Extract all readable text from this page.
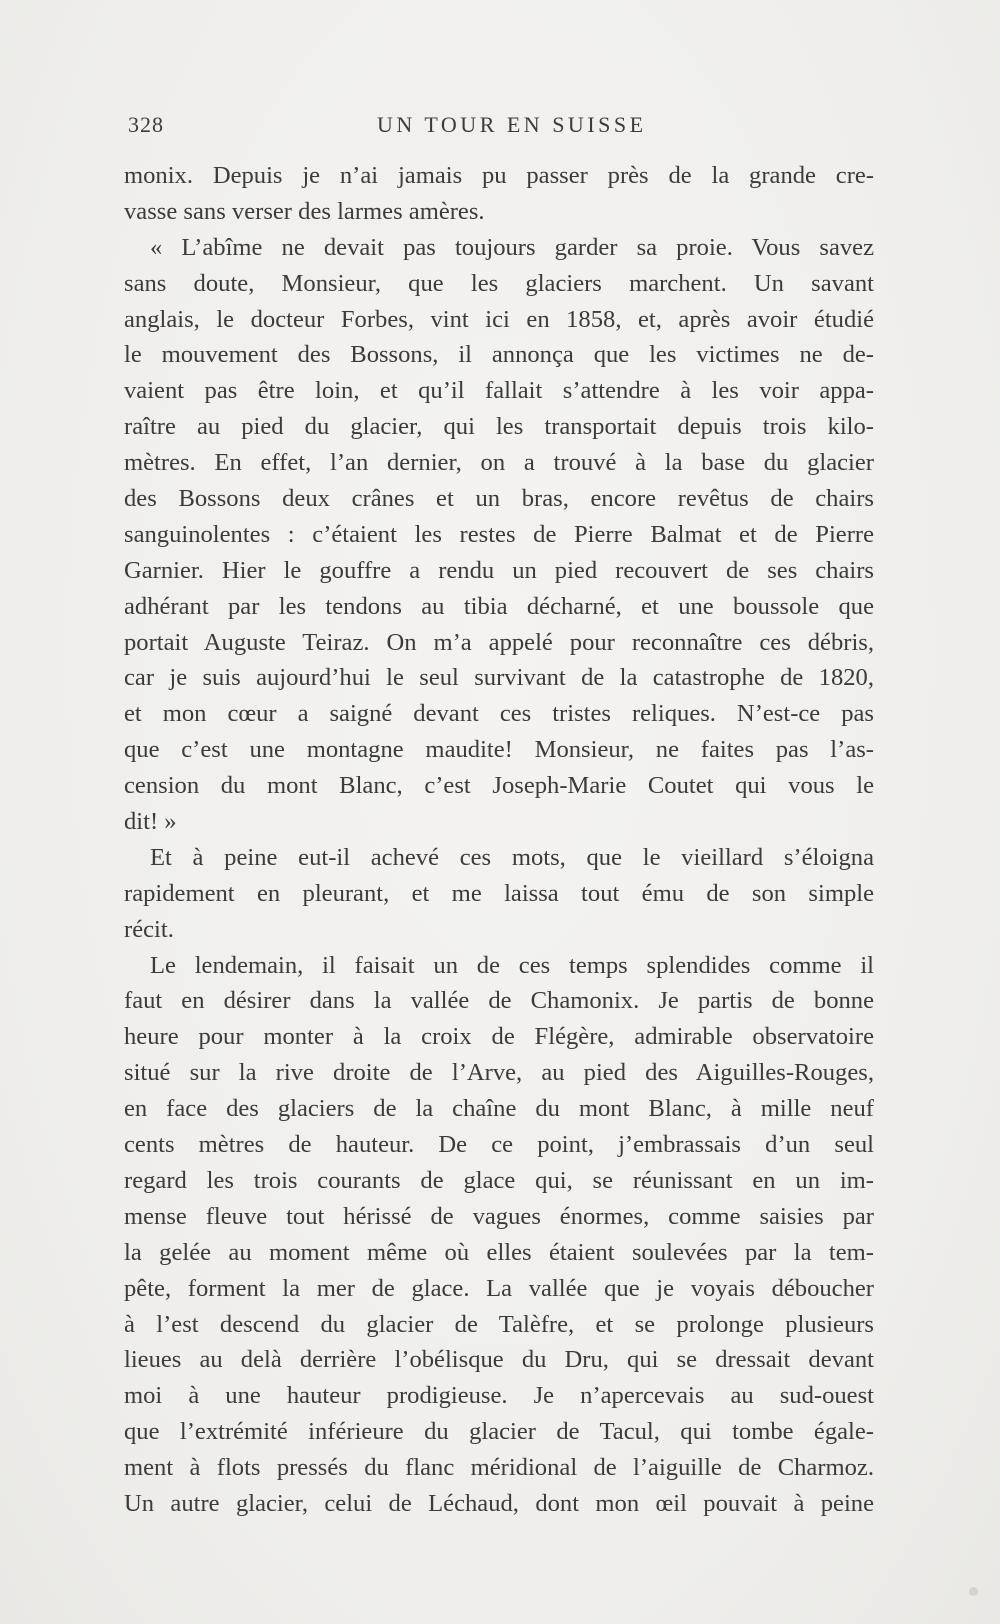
328	UN TOUR EN SUISSE
monix. Depuis je n’ai jamais pu passer près de la grande cre-
vasse sans verser des larmes amères.
« L’abîme ne devait pas toujours garder sa proie. Vous savez
sans doute, Monsieur, que les glaciers marchent. Un savant
anglais, le docteur Forbes, vint ici en 1858, et, après avoir étudié
le mouvement des Bossons, il annonça que les victimes ne de-
vaient pas être loin, et qu’il fallait s’attendre à les voir appa-
raître au pied du glacier, qui les transportait depuis trois kilo-
mètres. En effet, l’an dernier, on a trouvé à la base du glacier
des Bossons deux crânes et un bras, encore revêtus de chairs
sanguinolentes : c’étaient les restes de Pierre Balmat et de Pierre
Garnier. Hier le gouffre a rendu un pied recouvert de ses chairs
adhérant par les tendons au tibia décharné, et une boussole que
portait Auguste Teiraz. On m’a appelé pour reconnaître ces débris,
car je suis aujourd’hui le seul survivant de la catastrophe de 1820,
et mon cœur a saigné devant ces tristes reliques. N’est-ce pas
que c’est une montagne maudite! Monsieur, ne faites pas l’as-
cension du mont Blanc, c’est Joseph-Marie Coutet qui vous le
dit! »
Et à peine eut-il achevé ces mots, que le vieillard s’éloigna
rapidement en pleurant, et me laissa tout ému de son simple
récit.
Le lendemain, il faisait un de ces temps splendides comme il
faut en désirer dans la vallée de Chamonix. Je partis de bonne
heure pour monter à la croix de Flégère, admirable observatoire
situé sur la rive droite de l’Arve, au pied des Aiguilles-Rouges,
en face des glaciers de la chaîne du mont Blanc, à mille neuf
cents mètres de hauteur. De ce point, j’embrassais d’un seul
regard les trois courants de glace qui, se réunissant en un im-
mense fleuve tout hérissé de vagues énormes, comme saisies par
la gelée au moment même où elles étaient soulevées par la tem-
pête, forment la mer de glace. La vallée que je voyais déboucher
à l’est descend du glacier de Talèfre, et se prolonge plusieurs
lieues au delà derrière l’obélisque du Dru, qui se dressait devant
moi à une hauteur prodigieuse. Je n’apercevais au sud-ouest
que l’extrémité inférieure du glacier de Tacul, qui tombe égale-
ment à flots pressés du flanc méridional de l’aiguille de Charmoz.
Un autre glacier, celui de Léchaud, dont mon œil pouvait à peine
